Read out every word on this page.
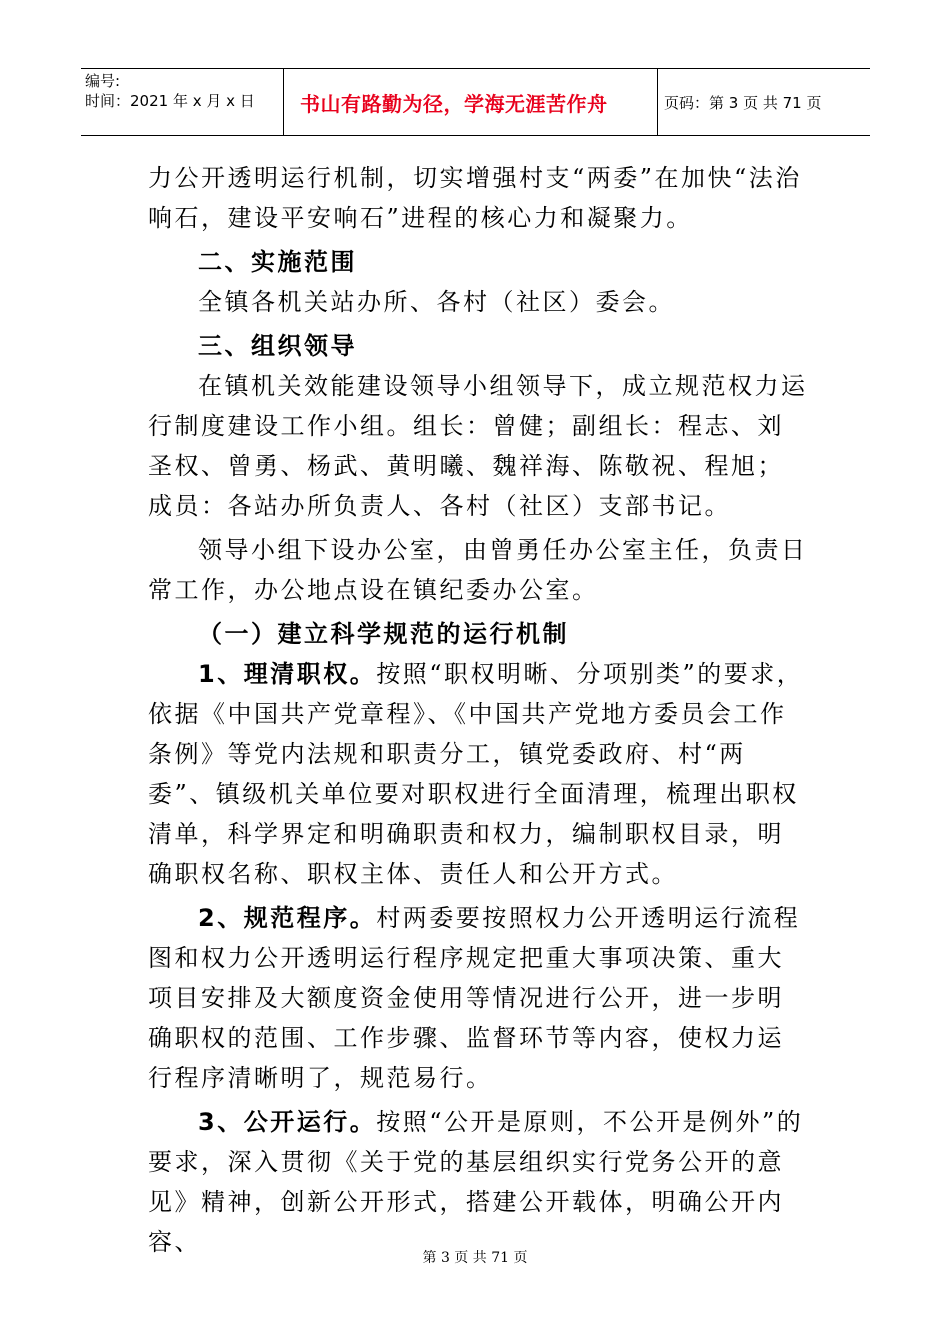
编号:
时间：2021 年 x 月 x 日	书山有路勤为径，学海无涯苦作舟	页码：第 3 页 共 71 页

力公开透明运行机制，切实增强村支“两委”在加快“法治响石，建设平安响石”进程的核心力和凝聚力。

二、实施范围

全镇各机关站办所、各村（社区）委会。

三、组织领导

在镇机关效能建设领导小组领导下，成立规范权力运行制度建设工作小组。组长：曾健；副组长：程志、刘圣权、曾勇、杨武、黄明曦、魏祥海、陈敬祝、程旭； 成员：各站办所负责人、各村（社区）支部书记。

领导小组下设办公室，由曾勇任办公室主任，负责日常工作，办公地点设在镇纪委办公室。

（一）建立科学规范的运行机制

1、理清职权。按照“职权明晰、分项别类”的要求，依据《中国共产党章程》、《中国共产党地方委员会工作条例》等党内法规和职责分工，镇党委政府、村“两委”、镇级机关单位要对职权进行全面清理，梳理出职权清单，科学界定和明确职责和权力，编制职权目录，明确职权名称、职权主体、责任人和公开方式。

2、规范程序。村两委要按照权力公开透明运行流程图和权力公开透明运行程序规定把重大事项决策、重大项目安排及大额度资金使用等情况进行公开，进一步明确职权的范围、工作步骤、监督环节等内容，使权力运行程序清晰明了，规范易行。

3、公开运行。按照“公开是原则，不公开是例外”的要求，深入贯彻《关于党的基层组织实行党务公开的意见》精神，创新公开形式，搭建公开载体，明确公开内容、

第 3 页 共 71 页
